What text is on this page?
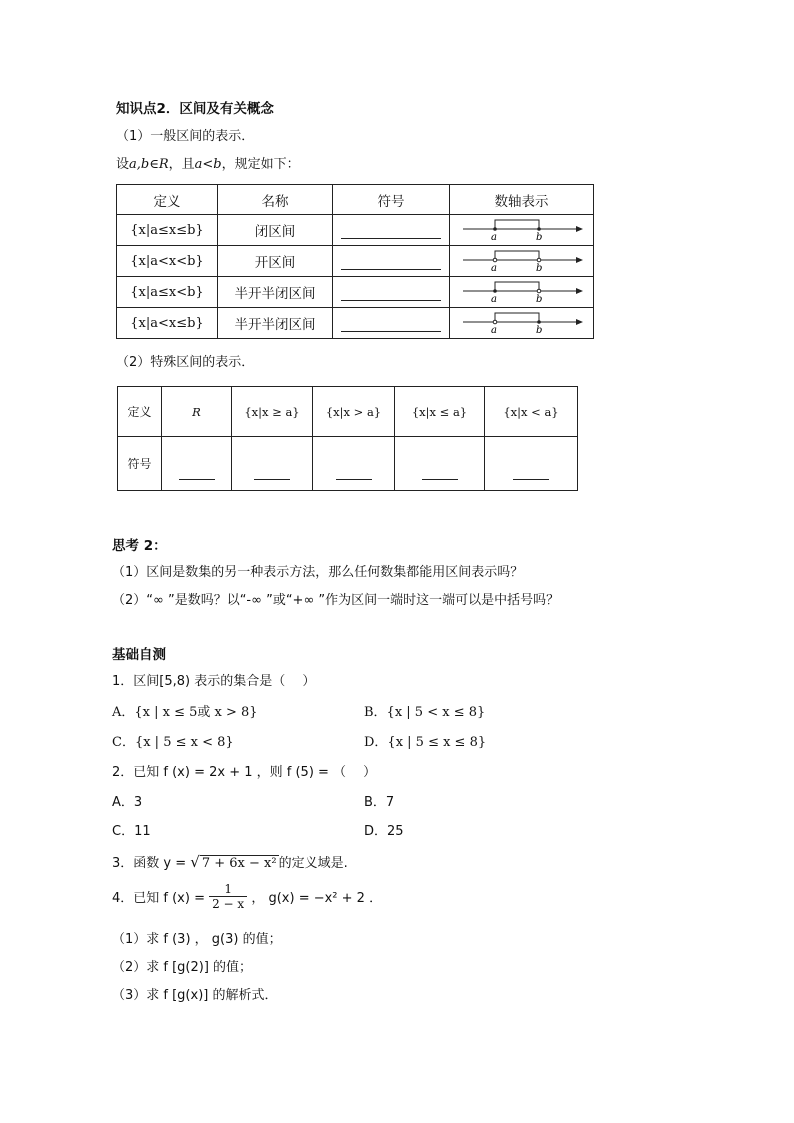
知识点2．区间及有关概念
（1）一般区间的表示．
设a,b∈R，且a<b，规定如下：
定义	名称	符号	数轴表示
{x|a≤x≤b}	闭区间		a b

{x|a<x<b}	开区间		a b

{x|a≤x<b}	半开半闭区间		a b

{x|a<x≤b}	半开半闭区间		a b
（2）特殊区间的表示．
定义	R	{x|x ≥ a}	{x|x > a}	{x|x ≤ a}	{x|x < a}
符号					
思考 2：
（1）区间是数集的另一种表示方法，那么任何数集都能用区间表示吗？
（2）“∞ ”是数吗？以“-∞ ”或“+∞ ”作为区间一端时这一端可以是中括号吗？
基础自测
1．区间[5,8) 表示的集合是（　 ）
A．{x | x ≤ 5或 x > 8}	B．{x | 5 < x ≤ 8}
C．{x | 5 ≤ x < 8}	D．{x | 5 ≤ x ≤ 8}
2．已知 f (x) = 2x + 1 ，则 f (5) = （　 ）
A．3	B．7
C．11	D．25
3．函数 y = √ 7 + 6x − x² 的定义域是.
4．已知 f $(x) = \frac{1}{2 - x}$ ， g(x) = −x² + 2 ．
（1）求 f (3) ， g(3) 的值；
（2）求 f [g(2)] 的值；
（3）求 f [g(x)] 的解析式．
